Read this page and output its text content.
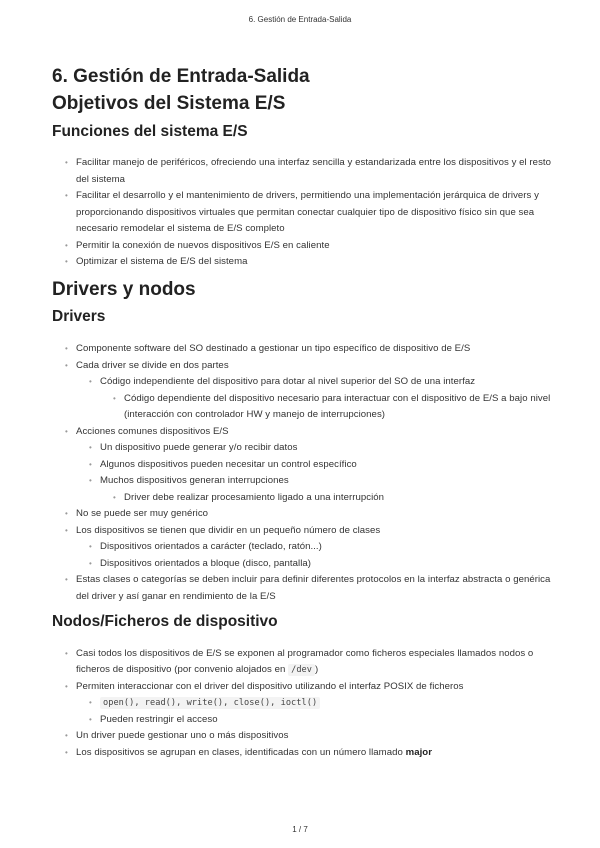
6. Gestión de Entrada-Salida
6. Gestión de Entrada-Salida
Objetivos del Sistema E/S
Funciones del sistema E/S
• Facilitar manejo de periféricos, ofreciendo una interfaz sencilla y estandarizada entre los dispositivos y el resto del sistema
• Facilitar el desarrollo y el mantenimiento de drivers, permitiendo una implementación jerárquica de drivers y proporcionando dispositivos virtuales que permitan conectar cualquier tipo de dispositivo físico sin que sea necesario remodelar el sistema de E/S completo
• Permitir la conexión de nuevos dispositivos E/S en caliente
• Optimizar el sistema de E/S del sistema
Drivers y nodos
Drivers
• Componente software del SO destinado a gestionar un tipo específico de dispositivo de E/S
• Cada driver se divide en dos partes
• Código independiente del dispositivo para dotar al nivel superior del SO de una interfaz
• Código dependiente del dispositivo necesario para interactuar con el dispositivo de E/S a bajo nivel (interacción con controlador HW y manejo de interrupciones)
• Acciones comunes dispositivos E/S
• Un dispositivo puede generar y/o recibir datos
• Algunos dispositivos pueden necesitar un control específico
• Muchos dispositivos generan interrupciones
• Driver debe realizar procesamiento ligado a una interrupción
• No se puede ser muy genérico
• Los dispositivos se tienen que dividir en un pequeño número de clases
• Dispositivos orientados a carácter (teclado, ratón...)
• Dispositivos orientados a bloque (disco, pantalla)
• Estas clases o categorías se deben incluir para definir diferentes protocolos en la interfaz abstracta o genérica del driver y así ganar en rendimiento de la E/S
Nodos/Ficheros de dispositivo
• Casi todos los dispositivos de E/S se exponen al programador como ficheros especiales llamados nodos o ficheros de dispositivo (por convenio alojados en /dev )
• Permiten interaccionar con el driver del dispositivo utilizando el interfaz POSIX de ficheros
• open(), read(), write(), close(), ioctl()
• Pueden restringir el acceso
• Un driver puede gestionar uno o más dispositivos
• Los dispositivos se agrupan en clases, identificadas con un número llamado major
1 / 7
